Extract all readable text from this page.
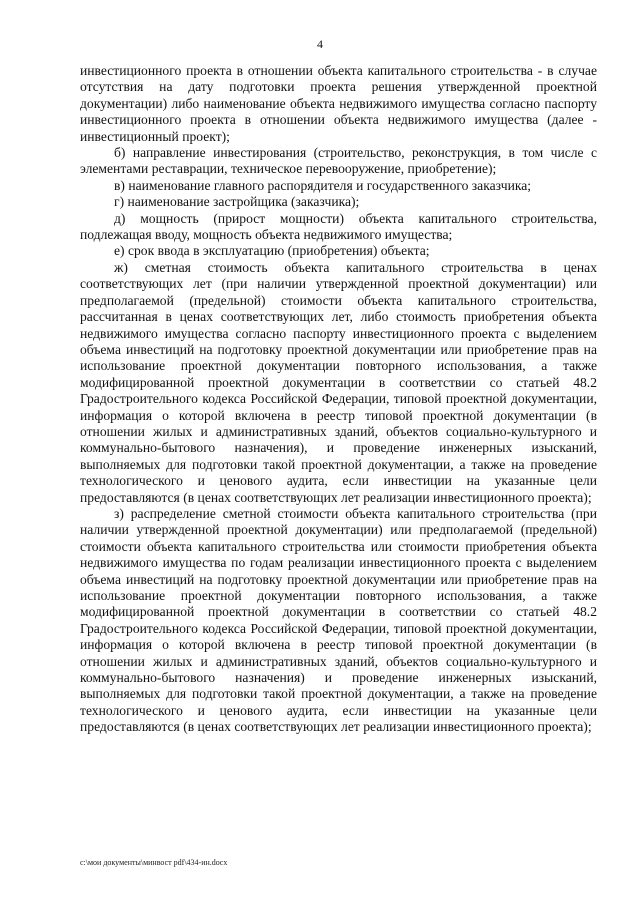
4

инвестиционного проекта в отношении объекта капитального строительства - в случае отсутствия на дату подготовки проекта решения утвержденной проектной документации) либо наименование объекта недвижимого имущества согласно паспорту инвестиционного проекта в отношении объекта недвижимого имущества (далее - инвестиционный проект);

б) направление инвестирования (строительство, реконструкция, в том числе с элементами реставрации, техническое перевооружение, приобретение);

в) наименование главного распорядителя и государственного заказчика;

г) наименование застройщика (заказчика);

д) мощность (прирост мощности) объекта капитального строительства, подлежащая вводу, мощность объекта недвижимого имущества;

е) срок ввода в эксплуатацию (приобретения) объекта;

ж) сметная стоимость объекта капитального строительства в ценах соответствующих лет (при наличии утвержденной проектной документации) или предполагаемой (предельной) стоимости объекта капитального строительства, рассчитанная в ценах соответствующих лет, либо стоимость приобретения объекта недвижимого имущества согласно паспорту инвестиционного проекта с выделением объема инвестиций на подготовку проектной документации или приобретение прав на использование проектной документации повторного использования, а также модифицированной проектной документации в соответствии со статьей 48.2 Градостроительного кодекса Российской Федерации, типовой проектной документации, информация о которой включена в реестр типовой проектной документации (в отношении жилых и административных зданий, объектов социально-культурного и коммунально-бытового назначения), и проведение инженерных изысканий, выполняемых для подготовки такой проектной документации, а также на проведение технологического и ценового аудита, если инвестиции на указанные цели предоставляются (в ценах соответствующих лет реализации инвестиционного проекта);

з) распределение сметной стоимости объекта капитального строительства (при наличии утвержденной проектной документации) или предполагаемой (предельной) стоимости объекта капитального строительства или стоимости приобретения объекта недвижимого имущества по годам реализации инвестиционного проекта с выделением объема инвестиций на подготовку проектной документации или приобретение прав на использование проектной документации повторного использования, а также модифицированной проектной документации в соответствии со статьей 48.2 Градостроительного кодекса Российской Федерации, типовой проектной документации, информация о которой включена в реестр типовой проектной документации (в отношении жилых и административных зданий, объектов социально-культурного и коммунально-бытового назначения) и проведение инженерных изысканий, выполняемых для подготовки такой проектной документации, а также на проведение технологического и ценового аудита, если инвестиции на указанные цели предоставляются (в ценах соответствующих лет реализации инвестиционного проекта);

c:\мои документы\минвост pdf\434-ин.docx
